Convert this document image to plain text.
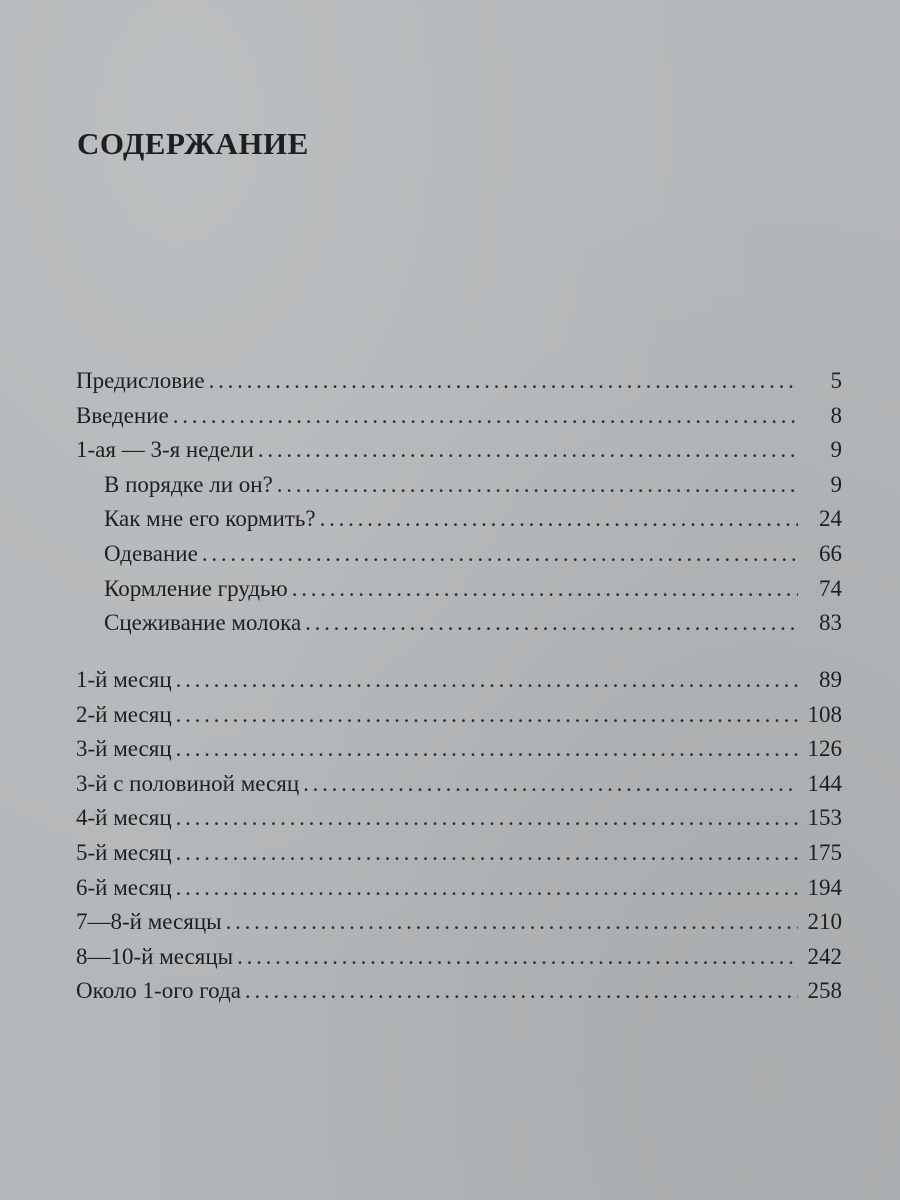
СОДЕРЖАНИЕ
Предисловие . . .	5
Введение . . .	8
1-ая — 3-я недели . . .	9
В порядке ли он? . . .	9
Как мне его кормить? . . .	24
Одевание . . .	66
Кормление грудью . . .	74
Сцеживание молока . . .	83
1-й месяц . . .	89
2-й месяц . . .	108
3-й месяц . . .	126
3-й с половиной месяц . . .	144
4-й месяц . . .	153
5-й месяц . . .	175
6-й месяц . . .	194
7—8-й месяцы . . .	210
8—10-й месяцы . . .	242
Около 1-ого года . . .	258
